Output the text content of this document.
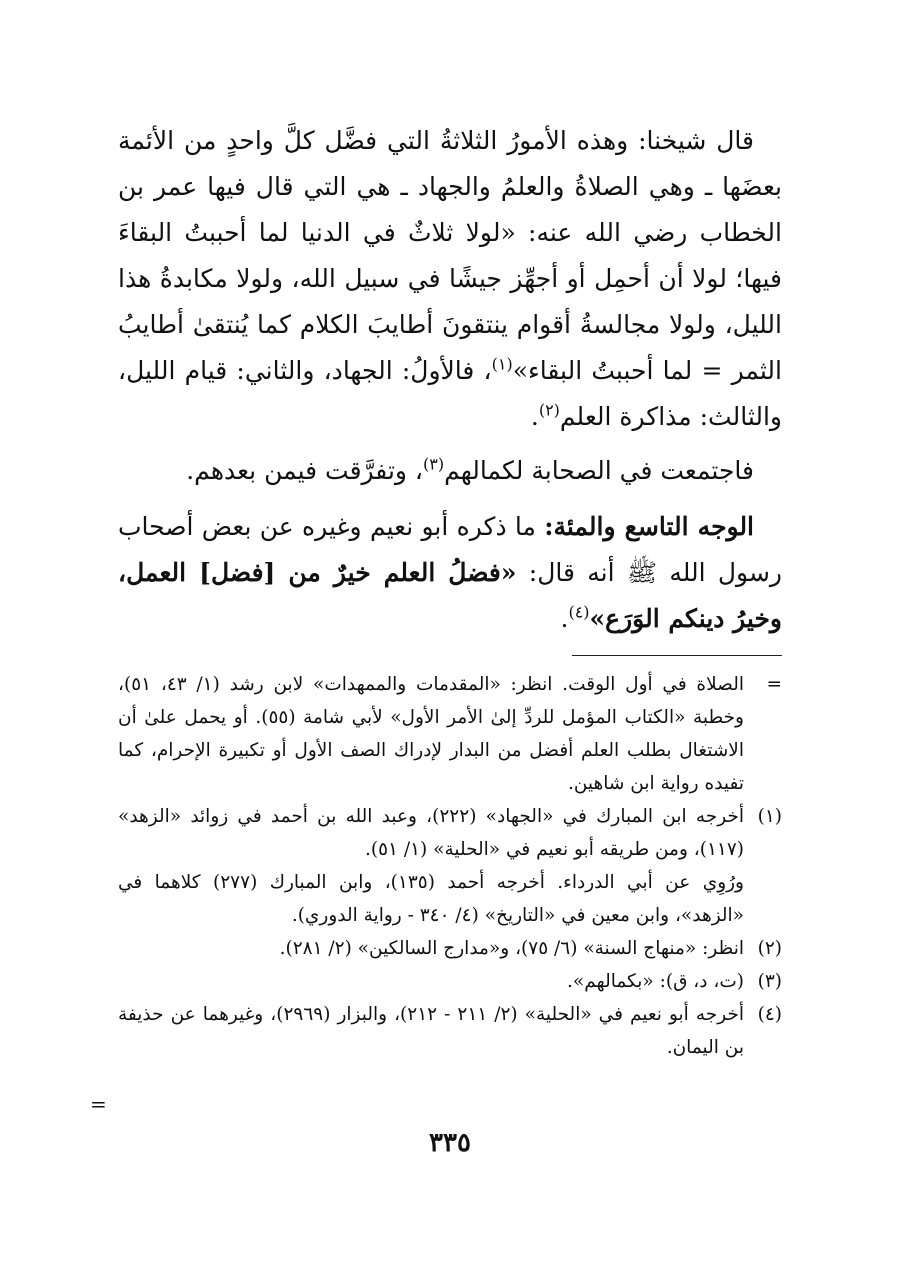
قال شيخنا: وهذه الأمورُ الثلاثةُ التي فضَّل كلَّ واحدٍ من الأئمة بعضَها ـ وهي الصلاةُ والعلمُ والجهاد ـ هي التي قال فيها عمر بن الخطاب رضي الله عنه: «لولا ثلاثٌ في الدنيا لما أحببتُ البقاءَ فيها؛ لولا أن أحمِل أو أجهِّز جيشًا في سبيل الله، ولولا مكابدةُ هذا الليل، ولولا مجالسةُ أقوام ينتقونَ أطايبَ الكلام كما يُنتقىٰ أطايبُ الثمر = لما أحببتُ البقاء»$^{(١)}$، فالأولُ: الجهاد، والثاني: قيام الليل، والثالث: مذاكرة العلم$^{(٢)}$.

فاجتمعت في الصحابة لكمالهم$^{(٣)}$، وتفرَّقت فيمن بعدهم.

الوجه التاسع والمئة: ما ذكره أبو نعيم وغيره عن بعض أصحاب رسول الله ﷺ أنه قال: «فضلُ العلم خيرٌ من [فضل] العمل، وخيرُ دينكم الوَرَع»$^{(٤)}$.

=

الصلاة في أول الوقت. انظر: «المقدمات والممهدات» لابن رشد (١/ ٤٣، ٥١)، وخطبة «الكتاب المؤمل للردِّ إلىٰ الأمر الأول» لأبي شامة (٥٥). أو يحمل علىٰ أن الاشتغال بطلب العلم أفضل من البدار لإدراك الصف الأول أو تكبيرة الإحرام، كما تفيده رواية ابن شاهين.

(١)

أخرجه ابن المبارك في «الجهاد» (٢٢٢)، وعبد الله بن أحمد في زوائد «الزهد» (١١٧)، ومن طريقه أبو نعيم في «الحلية» (١/ ٥١).

ورُوِي عن أبي الدرداء. أخرجه أحمد (١٣٥)، وابن المبارك (٢٧٧) كلاهما في «الزهد»، وابن معين في «التاريخ» (٤/ ٣٤٠ - رواية الدوري).

(٢)

انظر: «منهاج السنة» (٦/ ٧٥)، و«مدارج السالكين» (٢/ ٢٨١).

(٣)

(ت، د، ق): «بكمالهم».

(٤)

أخرجه أبو نعيم في «الحلية» (٢/ ٢١١ - ٢١٢)، والبزار (٢٩٦٩)، وغيرهما عن حذيفة بن اليمان.

=
٣٣٥
